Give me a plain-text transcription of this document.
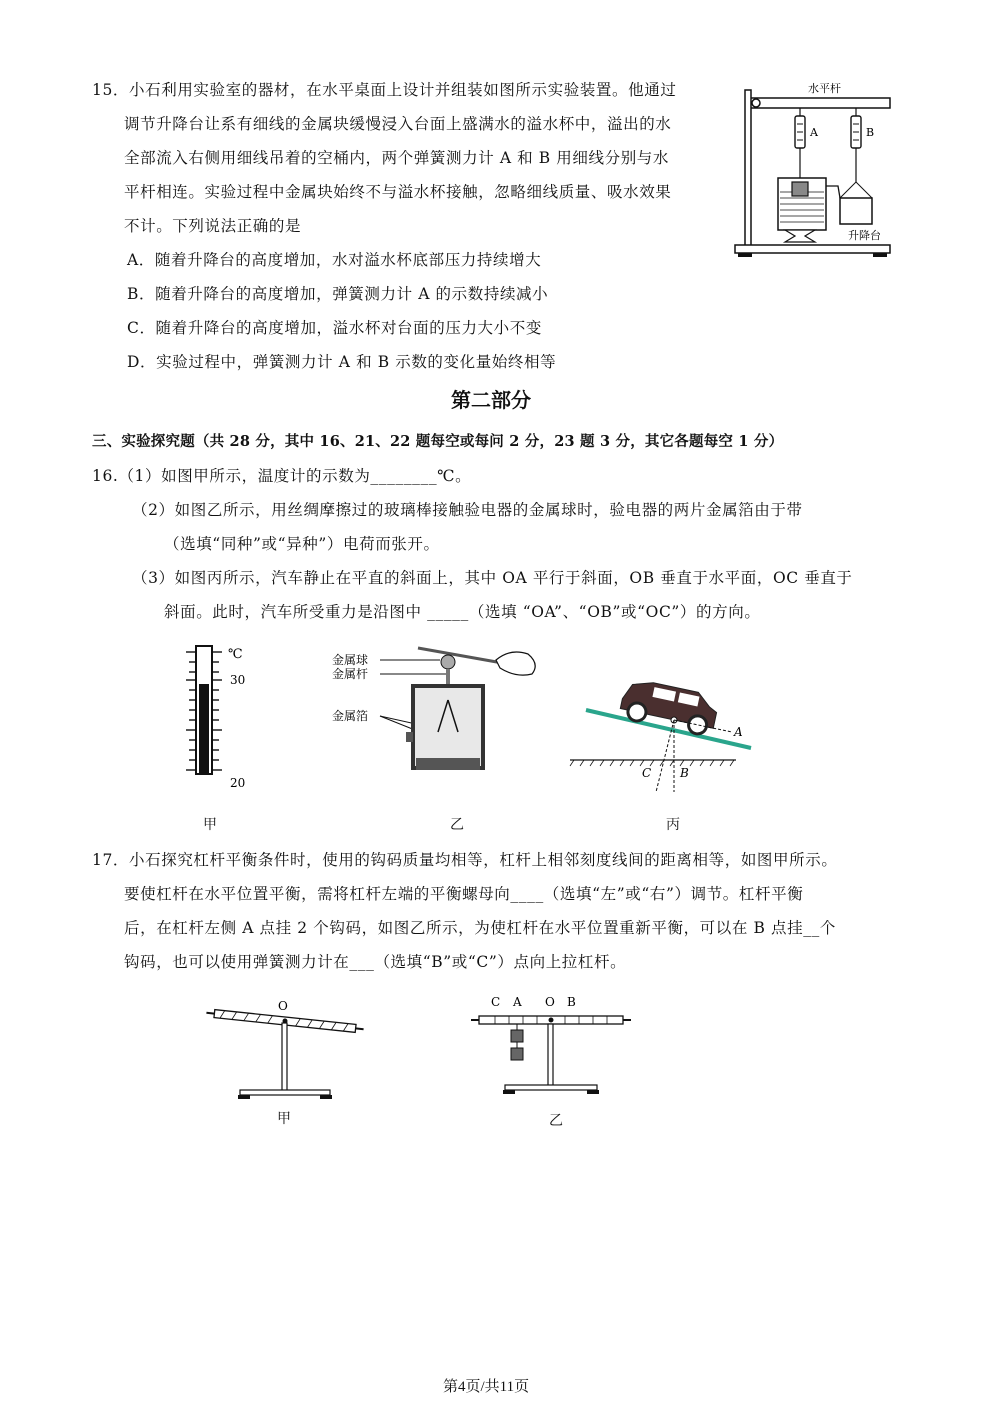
15．小石利用实验室的器材，在水平桌面上设计并组装如图所示实验装置。他通过
调节升降台让系有细线的金属块缓慢浸入台面上盛满水的溢水杯中，溢出的水
全部流入右侧用细线吊着的空桶内，两个弹簧测力计 A 和 B 用细线分别与水
平杆相连。实验过程中金属块始终不与溢水杯接触，忽略细线质量、吸水效果
不计。下列说法正确的是
A．随着升降台的高度增加，水对溢水杯底部压力持续增大
B．随着升降台的高度增加，弹簧测力计 A 的示数持续减小
C．随着升降台的高度增加，溢水杯对台面的压力大小不变
D．实验过程中，弹簧测力计 A 和 B 示数的变化量始终相等
水平杆
A	B
升降台
第二部分
三、实验探究题（共 28 分，其中 16、21、22 题每空或每问 2 分，23 题 3 分，其它各题每空 1 分）
16.（1）如图甲所示，温度计的示数为________℃。
（2）如图乙所示，用丝绸摩擦过的玻璃棒接触验电器的金属球时，验电器的两片金属箔由于带
（选填“同种”或“异种”）电荷而张开。
（3）如图丙所示，汽车静止在平直的斜面上，其中 OA 平行于斜面，OB 垂直于水平面，OC 垂直于
斜面。此时，汽车所受重力是沿图中 _____（选填 “OA”、“OB”或“OC”）的方向。
℃
30
20
甲
金属球
金属杆
金属箔
乙
A
B
C
丙
17．小石探究杠杆平衡条件时，使用的钩码质量均相等，杠杆上相邻刻度线间的距离相等，如图甲所示。
要使杠杆在水平位置平衡，需将杠杆左端的平衡螺母向____（选填“左”或“右”）调节。杠杆平衡
后，在杠杆左侧 A 点挂 2 个钩码，如图乙所示，为使杠杆在水平位置重新平衡，可以在 B 点挂__个
钩码，也可以使用弹簧测力计在___（选填“B”或“C”）点向上拉杠杆。
O
甲
C A O B
乙
第4页/共11页
